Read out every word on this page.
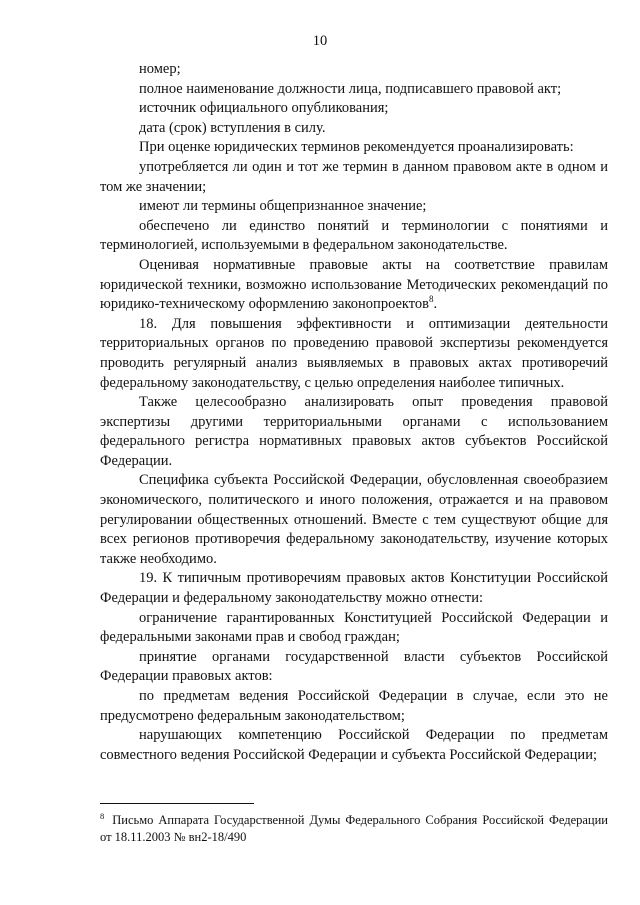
10

номер;

полное наименование должности лица, подписавшего правовой акт;

источник официального опубликования;

дата (срок) вступления в силу.

При оценке юридических терминов рекомендуется проанализировать:

употребляется ли один и тот же термин в данном правовом акте в одном и том же значении;

имеют ли термины общепризнанное значение;

обеспечено ли единство понятий и терминологии с понятиями и терминологией, используемыми в федеральном законодательстве.

Оценивая нормативные правовые акты на соответствие правилам юридической техники, возможно использование Методических рекомендаций по юридико-техническому оформлению законопроектов$^8$.

18. Для повышения эффективности и оптимизации деятельности территориальных органов по проведению правовой экспертизы рекомендуется проводить регулярный анализ выявляемых в правовых актах противоречий федеральному законодательству, с целью определения наиболее типичных.

Также целесообразно анализировать опыт проведения правовой экспертизы другими территориальными органами с использованием федерального регистра нормативных правовых актов субъектов Российской Федерации.

Специфика субъекта Российской Федерации, обусловленная своеобразием экономического, политического и иного положения, отражается и на правовом регулировании общественных отношений. Вместе с тем существуют общие для всех регионов противоречия федеральному законодательству, изучение которых также необходимо.

19. К типичным противоречиям правовых актов Конституции Российской Федерации и федеральному законодательству можно отнести:

ограничение гарантированных Конституцией Российской Федерации и федеральными законами прав и свобод граждан;

принятие органами государственной власти субъектов Российской Федерации правовых актов:

по предметам ведения Российской Федерации в случае, если это не предусмотрено федеральным законодательством;

нарушающих компетенцию Российской Федерации по предметам совместного ведения Российской Федерации и субъекта Российской Федерации;

$^8$ Письмо Аппарата Государственной Думы Федерального Собрания Российской Федерации от 18.11.2003 № вн2-18/490
